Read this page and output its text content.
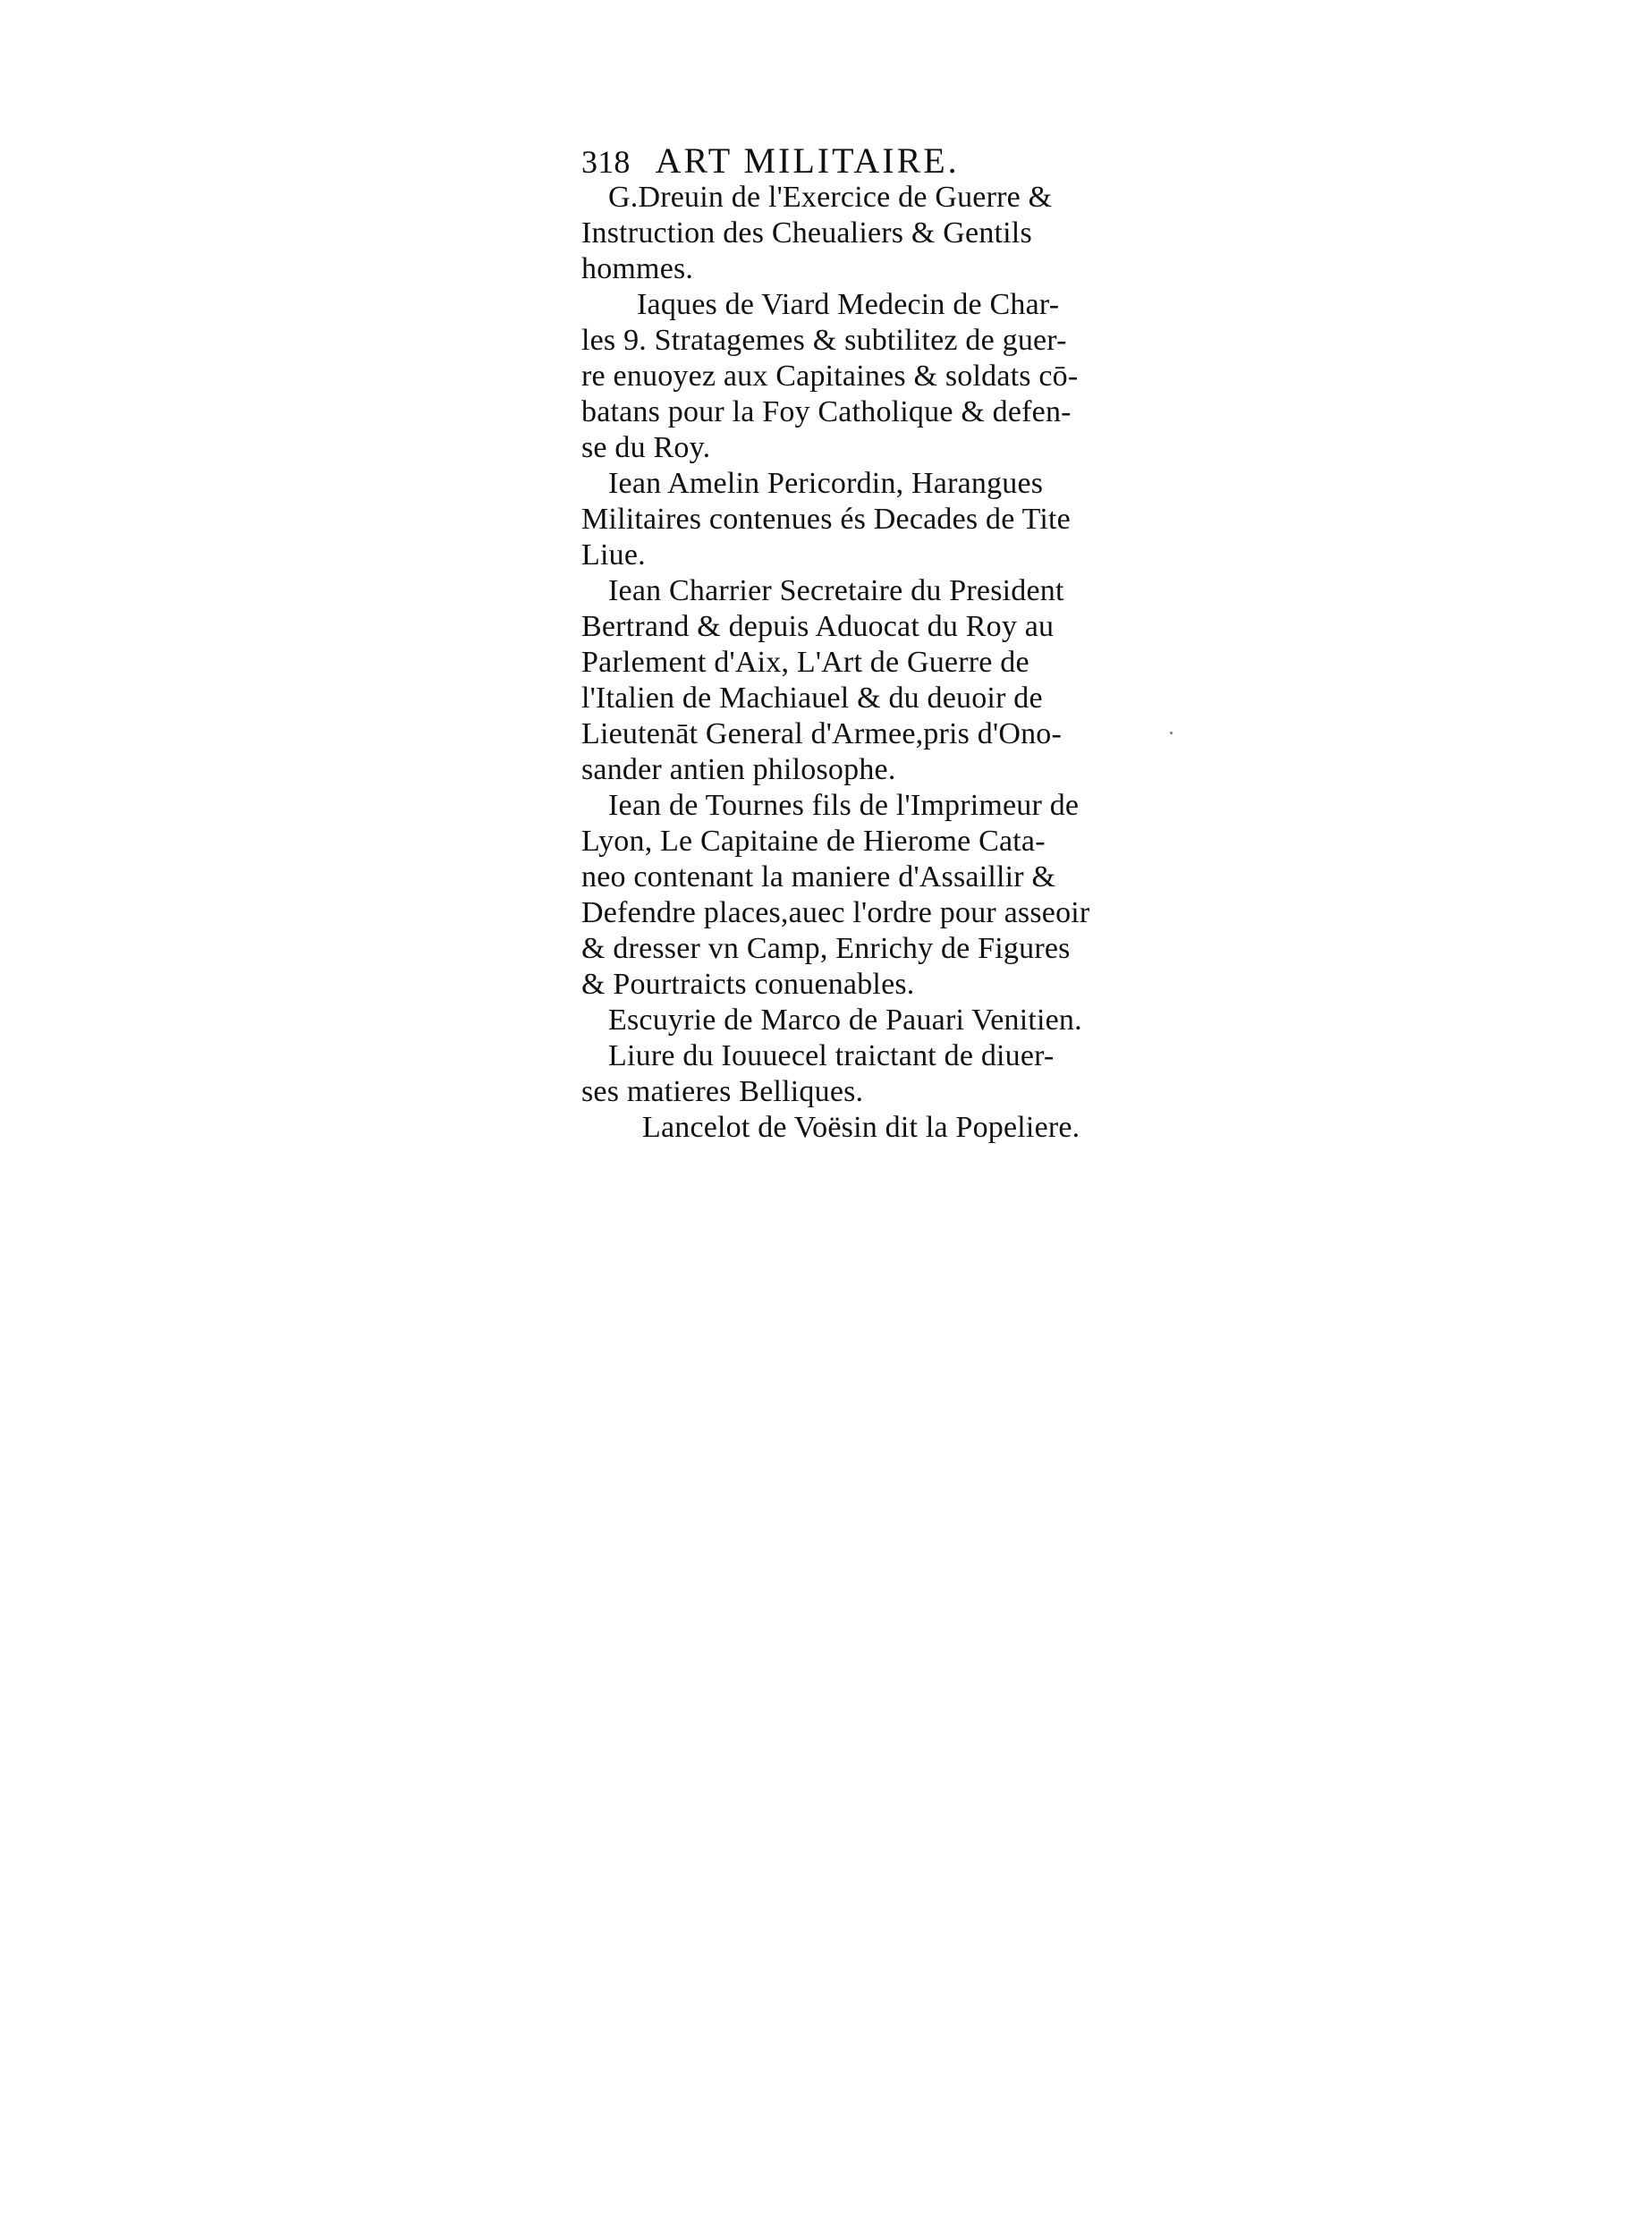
318 ART MILITAIRE.
G.Dreuin de l'Exercice de Guerre &
Instruction des Cheualiers & Gentils
hommes.
Iaques de Viard Medecin de Char-
les 9. Stratagemes & subtilitez de guer-
re enuoyez aux Capitaines & soldats cō-
batans pour la Foy Catholique & defen-
se du Roy.
Iean Amelin Pericordin, Harangues
Militaires contenues és Decades de Tite
Liue.
Iean Charrier Secretaire du President
Bertrand & depuis Aduocat du Roy au
Parlement d'Aix, L'Art de Guerre de
l'Italien de Machiauel & du deuoir de
Lieutenāt General d'Armee,pris d'Ono-
sander antien philosophe.
Iean de Tournes fils de l'Imprimeur de
Lyon, Le Capitaine de Hierome Cata-
neo contenant la maniere d'Assaillir &
Defendre places,auec l'ordre pour asseoir
& dresser vn Camp, Enrichy de Figures
& Pourtraicts conuenables.
Escuyrie de Marco de Pauari Venitien.
Liure du Iouuecel traictant de diuer-
ses matieres Belliques.
Lancelot de Voësin dit la Popeliere.
